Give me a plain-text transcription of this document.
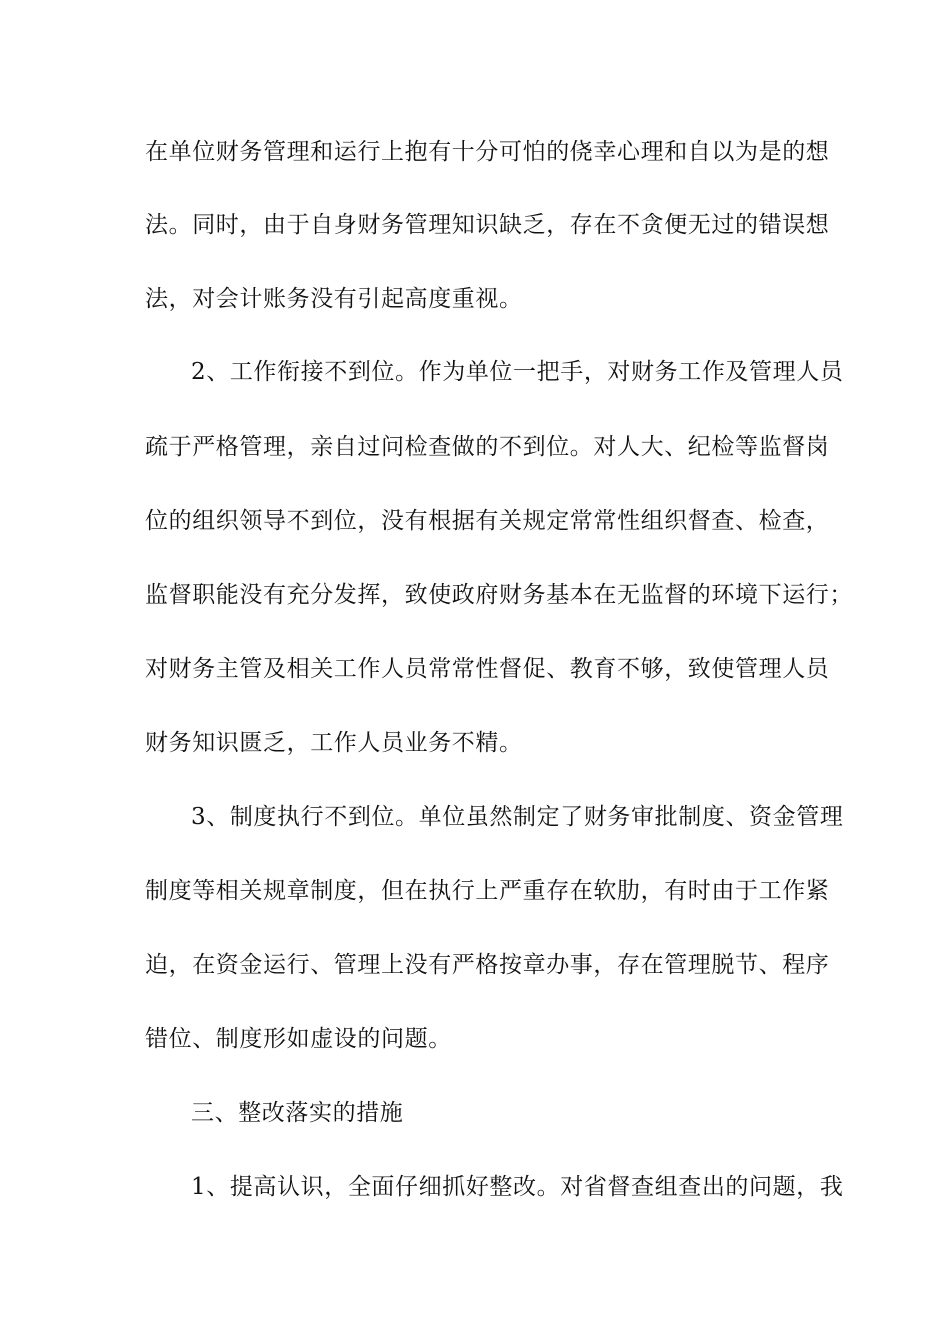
在单位财务管理和运行上抱有十分可怕的侥幸心理和自以为是的想
法。同时，由于自身财务管理知识缺乏，存在不贪便无过的错误想
法，对会计账务没有引起高度重视。
2、工作衔接不到位。作为单位一把手，对财务工作及管理人员
疏于严格管理，亲自过问检查做的不到位。对人大、纪检等监督岗
位的组织领导不到位，没有根据有关规定常常性组织督查、检查，
监督职能没有充分发挥，致使政府财务基本在无监督的环境下运行；
对财务主管及相关工作人员常常性督促、教育不够，致使管理人员
财务知识匮乏，工作人员业务不精。
3、制度执行不到位。单位虽然制定了财务审批制度、资金管理
制度等相关规章制度，但在执行上严重存在软肋，有时由于工作紧
迫，在资金运行、管理上没有严格按章办事，存在管理脱节、程序
错位、制度形如虚设的问题。
三、整改落实的措施
1、提高认识，全面仔细抓好整改。对省督查组查出的问题，我
